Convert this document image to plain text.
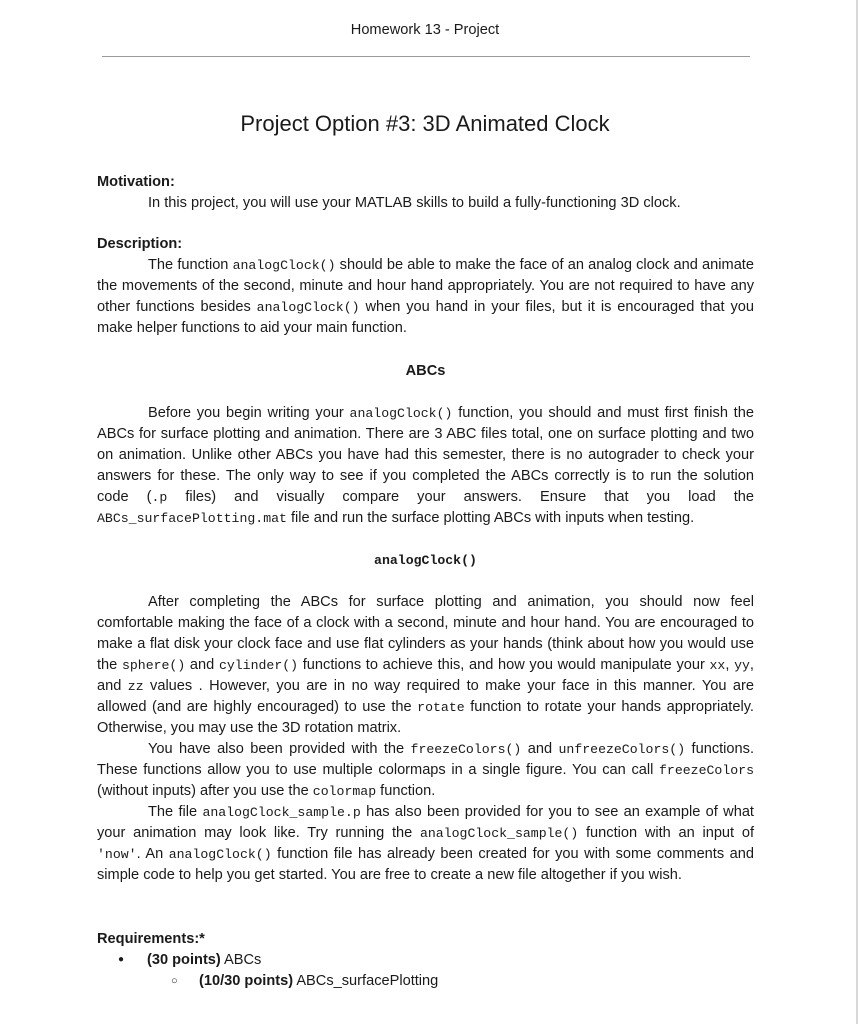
Homework 13 - Project
Project Option #3: 3D Animated Clock
Motivation:
In this project, you will use your MATLAB skills to build a fully-functioning 3D clock.
Description:
The function analogClock() should be able to make the face of an analog clock and animate the movements of the second, minute and hour hand appropriately. You are not required to have any other functions besides analogClock() when you hand in your files, but it is encouraged that you make helper functions to aid your main function.
ABCs
Before you begin writing your analogClock() function, you should and must first finish the ABCs for surface plotting and animation. There are 3 ABC files total, one on surface plotting and two on animation. Unlike other ABCs you have had this semester, there is no autograder to check your answers for these. The only way to see if you completed the ABCs correctly is to run the solution code (.p files) and visually compare your answers. Ensure that you load the ABCs_surfacePlotting.mat file and run the surface plotting ABCs with inputs when testing.
analogClock()
After completing the ABCs for surface plotting and animation, you should now feel comfortable making the face of a clock with a second, minute and hour hand. You are encouraged to make a flat disk your clock face and use flat cylinders as your hands (think about how you would use the sphere() and cylinder() functions to achieve this, and how you would manipulate your xx, yy, and zz values . However, you are in no way required to make your face in this manner. You are allowed (and are highly encouraged) to use the rotate function to rotate your hands appropriately. Otherwise, you may use the 3D rotation matrix.
You have also been provided with the freezeColors() and unfreezeColors() functions. These functions allow you to use multiple colormaps in a single figure. You can call freezeColors (without inputs) after you use the colormap function.
The file analogClock_sample.p has also been provided for you to see an example of what your animation may look like. Try running the analogClock_sample() function with an input of 'now'. An analogClock() function file has already been created for you with some comments and simple code to help you get started. You are free to create a new file altogether if you wish.
Requirements:*
● (30 points) ABCs
○ (10/30 points) ABCs_surfacePlotting
